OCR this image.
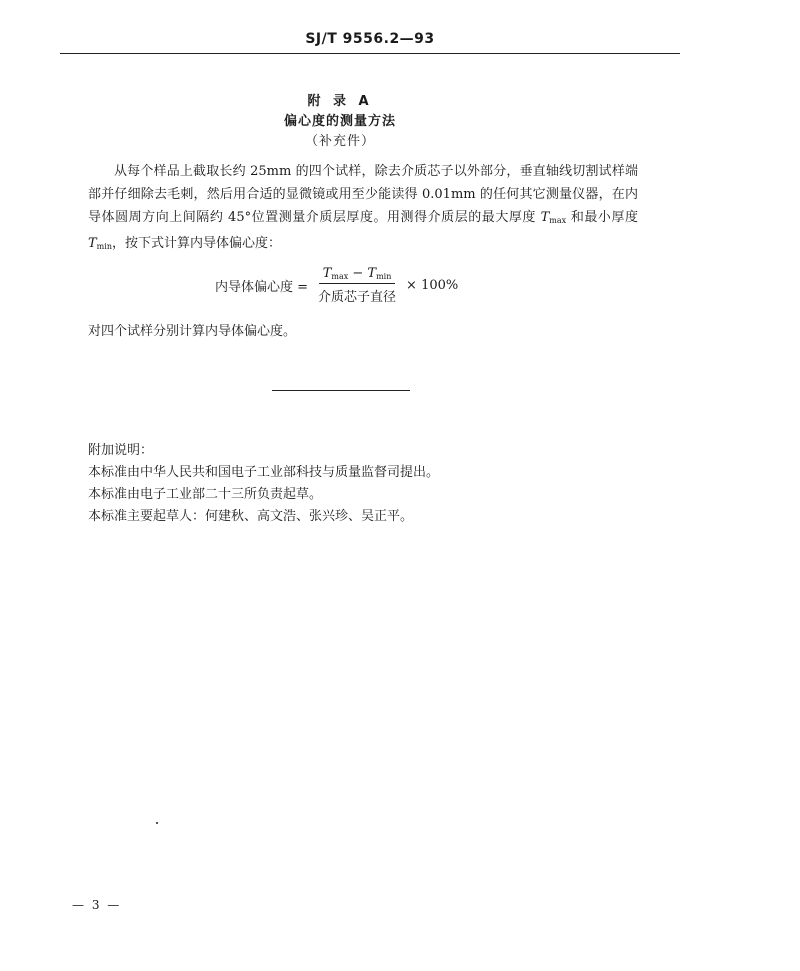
SJ/T 9556.2—93
附 录 A
偏心度的测量方法
（补充件）

从每个样品上截取长约 25mm 的四个试样，除去介质芯子以外部分，垂直轴线切割试样端部并仔细除去毛刺，然后用合适的显微镜或用至少能读得 0.01mm 的任何其它测量仪器，在内导体圆周方向上间隔约 45°位置测量介质层厚度。用测得介质层的最大厚度 $T_{max}$ 和最小厚度 $T_{min}$，按下式计算内导体偏心度：

内导体偏心度 = $\frac{T_{max} - T_{min}}{\text{介质芯子直径}} \times 100\%$
对四个试样分别计算内导体偏心度。
附加说明：
本标准由中华人民共和国电子工业部科技与质量监督司提出。
本标准由电子工业部二十三所负责起草。
本标准主要起草人：何建秋、高文浩、张兴珍、吴正平。
— 3 —
